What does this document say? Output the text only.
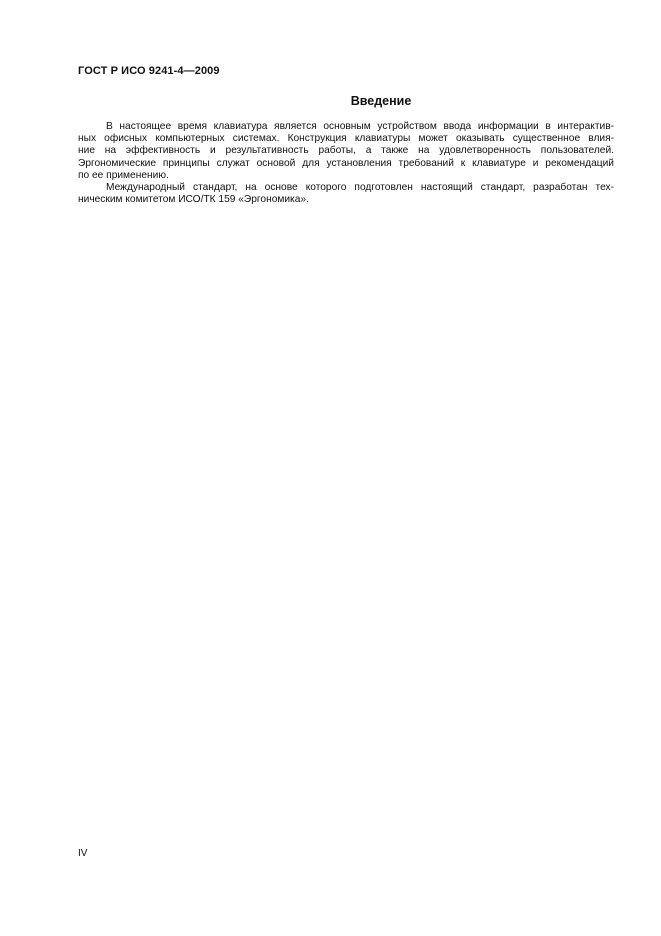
ГОСТ Р ИСО 9241-4—2009
Введение
В настоящее время клавиатура является основным устройством ввода информации в интерактив-
ных офисных компьютерных системах. Конструкция клавиатуры может оказывать существенное влия-
ние на эффективность и результативность работы, а также на удовлетворенность пользователей.
Эргономические принципы служат основой для установления требований к клавиатуре и рекомендаций
по ее применению.
Международный стандарт, на основе которого подготовлен настоящий стандарт, разработан тех-
ническим комитетом ИСО/ТК 159 «Эргономика».
IV
